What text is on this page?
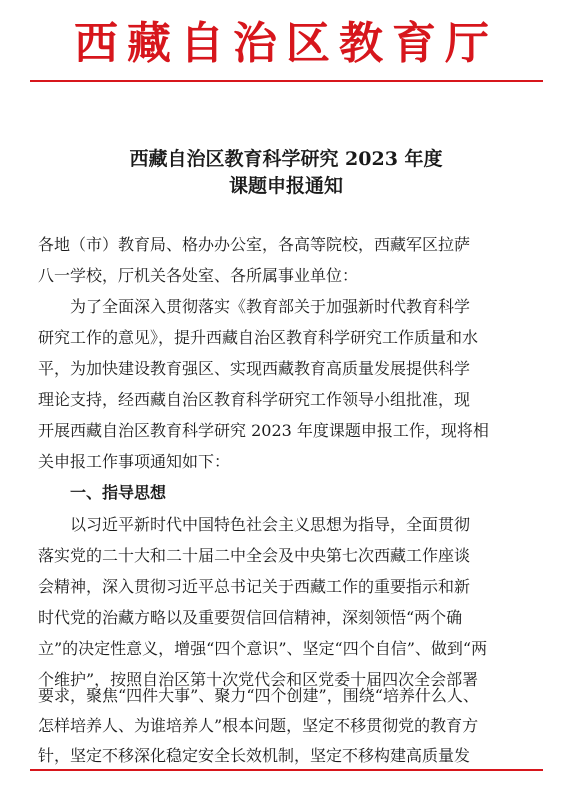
西藏自治区教育厅
西藏自治区教育科学研究 2023 年度
课题申报通知
各地（市）教育局、格办办公室，各高等院校，西藏军区拉萨
八一学校，厅机关各处室、各所属事业单位：
为了全面深入贯彻落实《教育部关于加强新时代教育科学
研究工作的意见》，提升西藏自治区教育科学研究工作质量和水
平，为加快建设教育强区、实现西藏教育高质量发展提供科学
理论支持，经西藏自治区教育科学研究工作领导小组批准，现
开展西藏自治区教育科学研究 2023 年度课题申报工作，现将相
关申报工作事项通知如下：
一、指导思想
以习近平新时代中国特色社会主义思想为指导，全面贯彻
落实党的二十大和二十届二中全会及中央第七次西藏工作座谈
会精神，深入贯彻习近平总书记关于西藏工作的重要指示和新
时代党的治藏方略以及重要贺信回信精神，深刻领悟“两个确
立”的决定性意义，增强“四个意识”、坚定“四个自信”、做到“两
个维护”，按照自治区第十次党代会和区党委十届四次全会部署
要求，聚焦“四件大事”、聚力“四个创建”，围绕“培养什么人、
怎样培养人、为谁培养人”根本问题，坚定不移贯彻党的教育方
针，坚定不移深化稳定安全长效机制，坚定不移构建高质量发
